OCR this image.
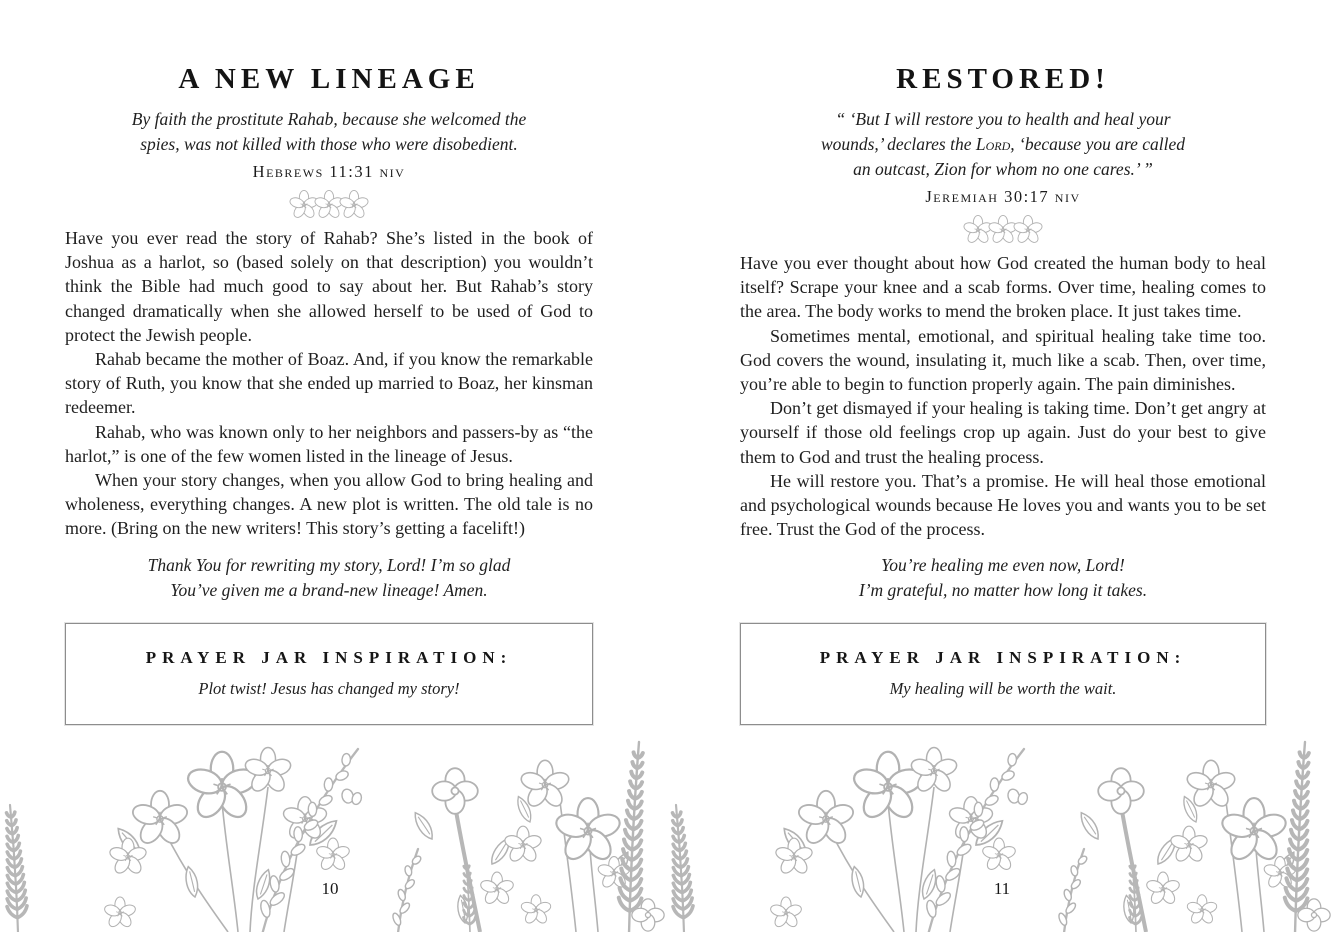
A NEW LINEAGE
By faith the prostitute Rahab, because she welcomed the
spies, was not killed with those who were disobedient.
Hebrews 11:31 niv

Have you ever read the story of Rahab? She’s listed in the book of Joshua as a harlot, so (based solely on that description) you wouldn’t think the Bible had much good to say about her. But Rahab’s story changed dramatically when she allowed herself to be used of God to protect the Jewish people.

Rahab became the mother of Boaz. And, if you know the remarkable story of Ruth, you know that she ended up married to Boaz, her kinsman redeemer.

Rahab, who was known only to her neighbors and passers-by as “the harlot,” is one of the few women listed in the lineage of Jesus.

When your story changes, when you allow God to bring healing and wholeness, everything changes. A new plot is written. The old tale is no more. (Bring on the new writers! This story’s getting a facelift!)

Thank You for rewriting my story, Lord! I’m so glad
You’ve given me a brand-new lineage! Amen.
PRAYER JAR INSPIRATION:
Plot twist! Jesus has changed my story!
10
RESTORED!
“ ‘But I will restore you to health and heal your
wounds,’ declares the Lord, ‘because you are called
an outcast, Zion for whom no one cares.’ ”
Jeremiah 30:17 niv

Have you ever thought about how God created the human body to heal itself? Scrape your knee and a scab forms. Over time, healing comes to the area. The body works to mend the broken place. It just takes time.

Sometimes mental, emotional, and spiritual healing take time too. God covers the wound, insulating it, much like a scab. Then, over time, you’re able to begin to function properly again. The pain diminishes.

Don’t get dismayed if your healing is taking time. Don’t get angry at yourself if those old feelings crop up again. Just do your best to give them to God and trust the healing process.

He will restore you. That’s a promise. He will heal those emotional and psychological wounds because He loves you and wants you to be set free. Trust the God of the process.

You’re healing me even now, Lord!
I’m grateful, no matter how long it takes.
PRAYER JAR INSPIRATION:
My healing will be worth the wait.
11
